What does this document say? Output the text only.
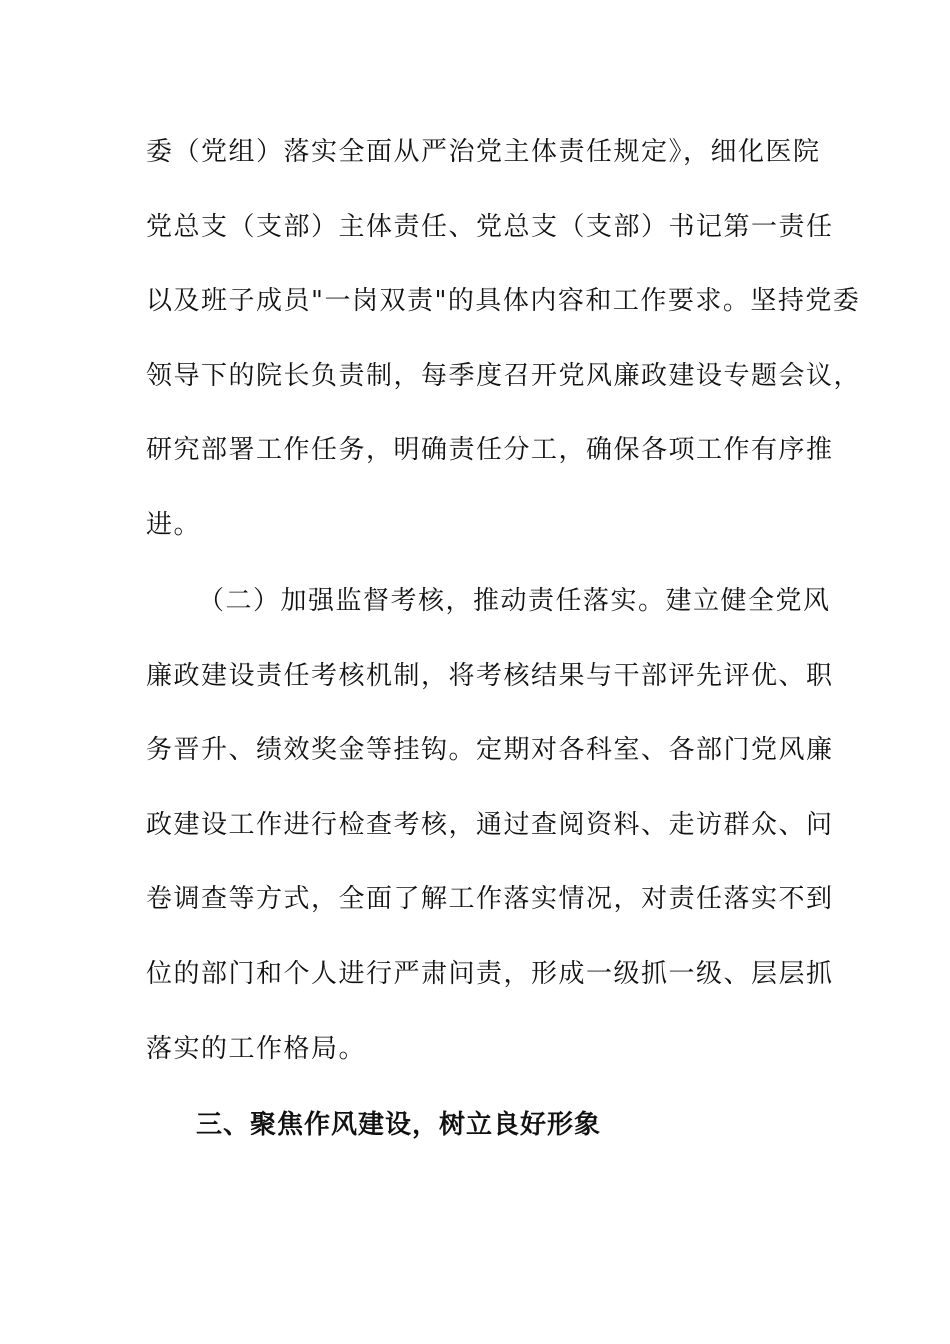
委（党组）落实全面从严治党主体责任规定》，细化医院
党总支（支部）主体责任、党总支（支部）书记第一责任
以及班子成员"一岗双责"的具体内容和工作要求。坚持党委
领导下的院长负责制，每季度召开党风廉政建设专题会议，
研究部署工作任务，明确责任分工，确保各项工作有序推
进。
（二）加强监督考核，推动责任落实。建立健全党风
廉政建设责任考核机制，将考核结果与干部评先评优、职
务晋升、绩效奖金等挂钩。定期对各科室、各部门党风廉
政建设工作进行检查考核，通过查阅资料、走访群众、问
卷调查等方式，全面了解工作落实情况，对责任落实不到
位的部门和个人进行严肃问责，形成一级抓一级、层层抓
落实的工作格局。
三、聚焦作风建设，树立良好形象
